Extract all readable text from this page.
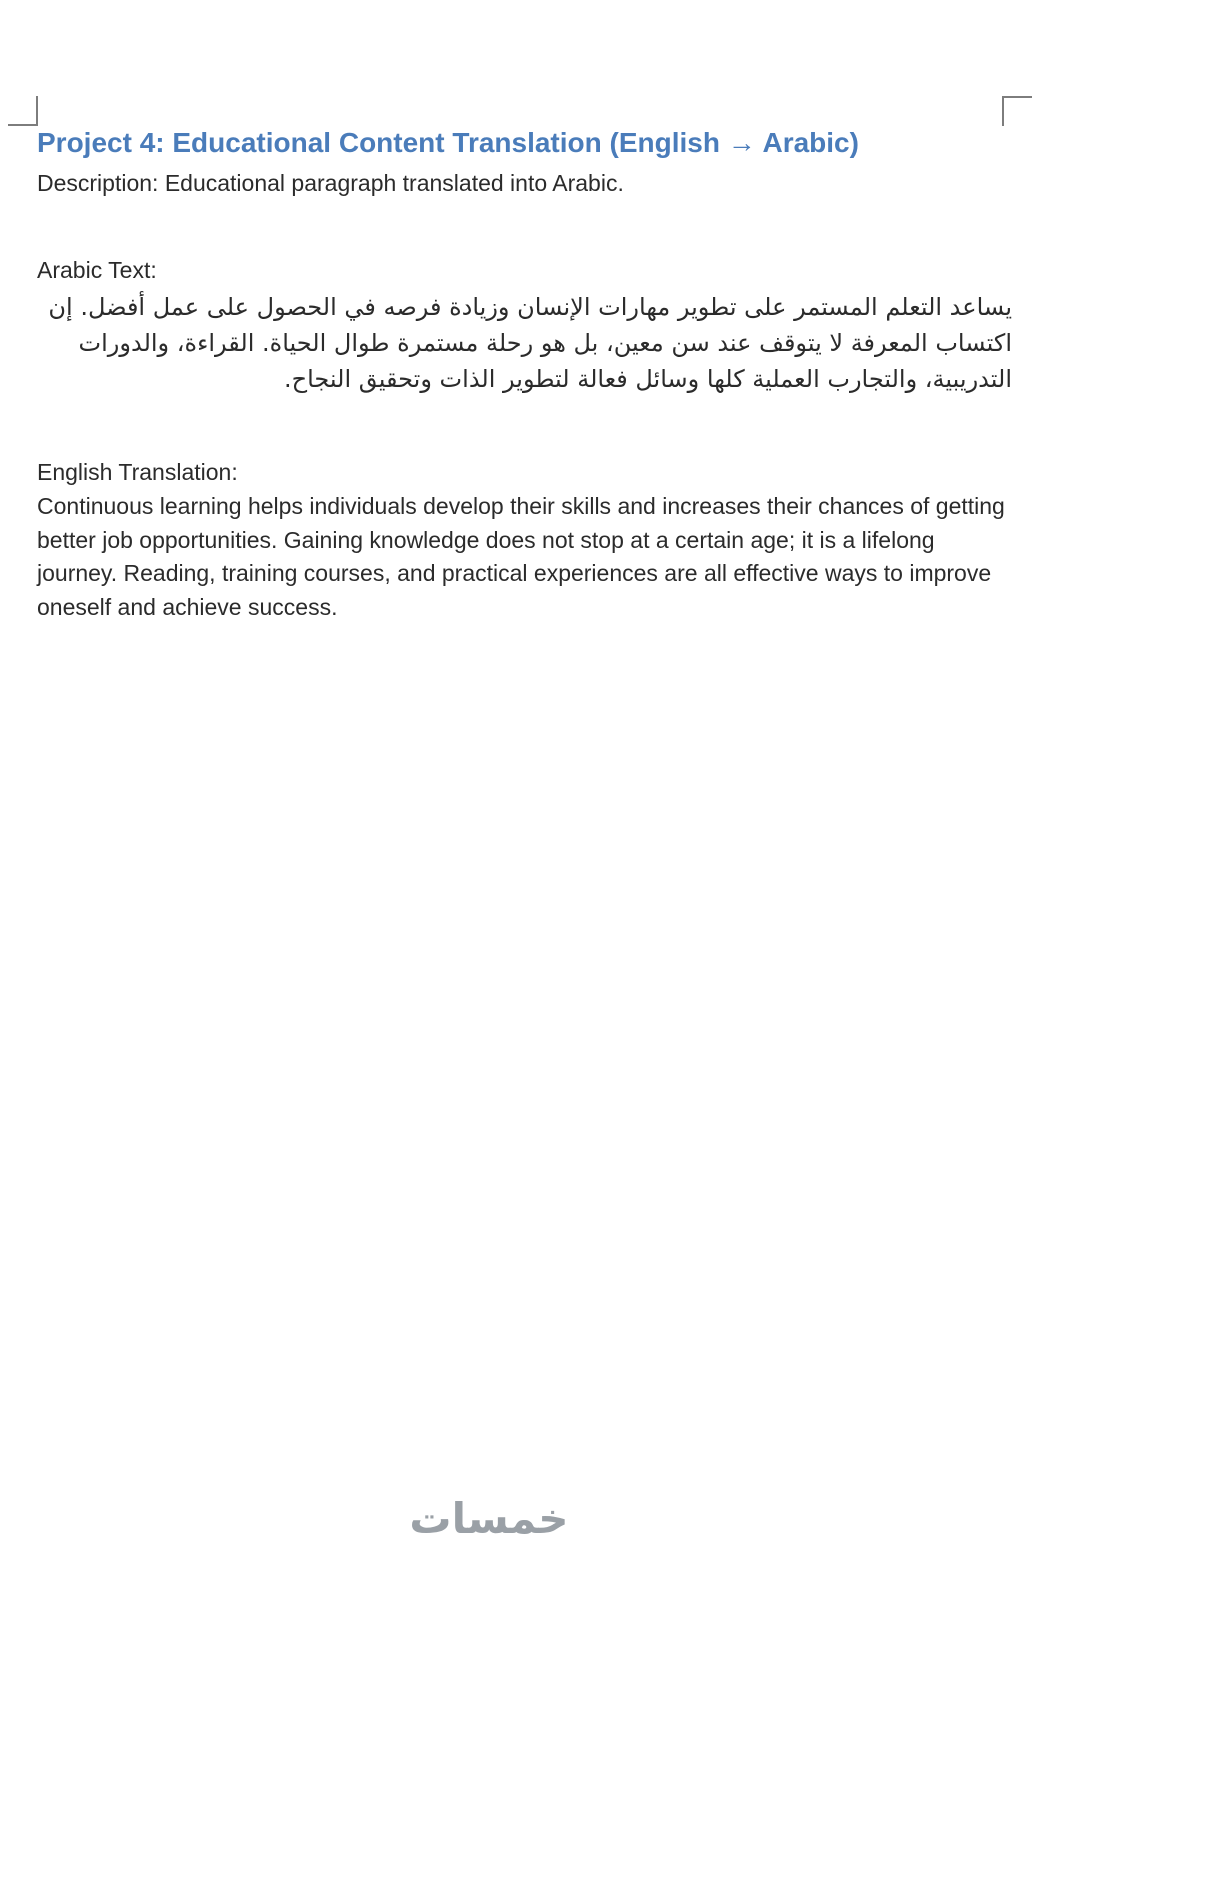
Project 4: Educational Content Translation (English → Arabic)

Description: Educational paragraph translated into Arabic.

Arabic Text:

يساعد التعلم المستمر على تطوير مهارات الإنسان وزيادة فرصه في الحصول على عمل أفضل. إن اكتساب المعرفة لا يتوقف عند سن معين، بل هو رحلة مستمرة طوال الحياة. القراءة، والدورات التدريبية، والتجارب العملية كلها وسائل فعالة لتطوير الذات وتحقيق النجاح.

English Translation:

Continuous learning helps individuals develop their skills and increases their chances of getting better job opportunities. Gaining knowledge does not stop at a certain age; it is a lifelong journey. Reading, training courses, and practical experiences are all effective ways to improve oneself and achieve success.

خمسات
